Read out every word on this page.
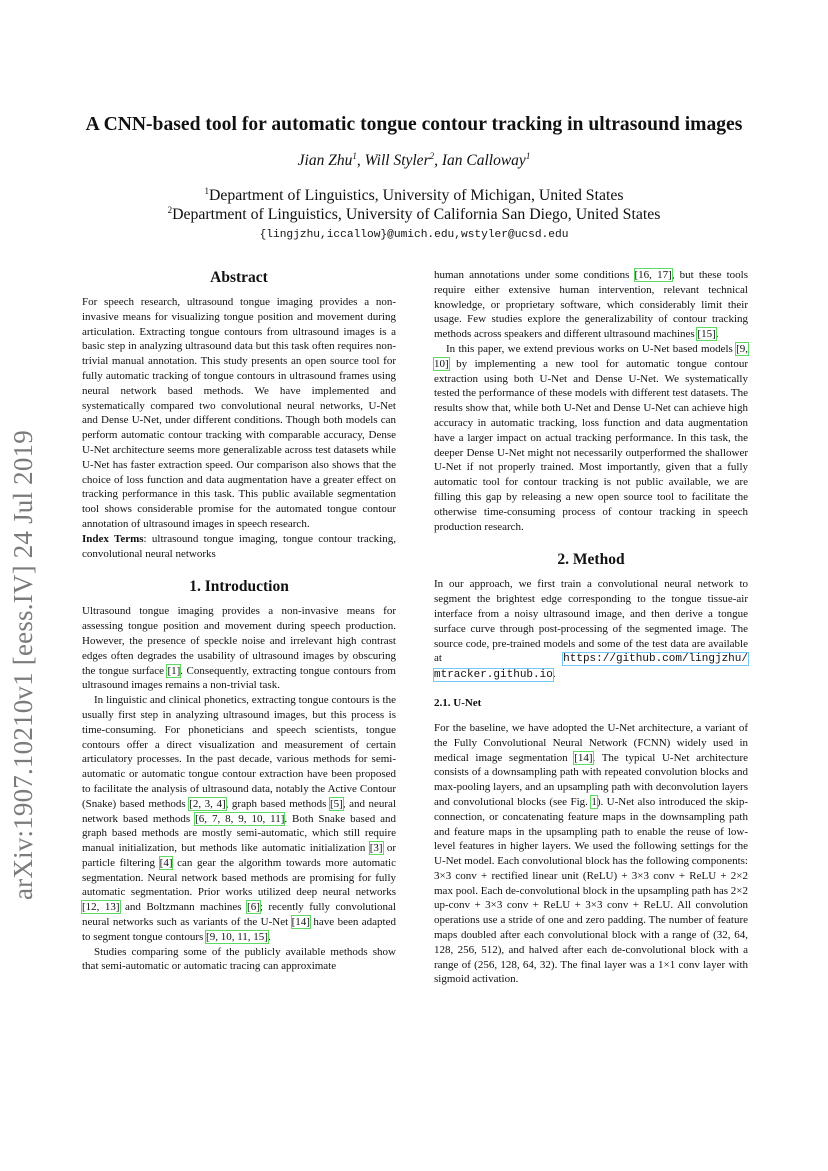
arXiv:1907.10210v1 [eess.IV] 24 Jul 2019
A CNN-based tool for automatic tongue contour tracking in ultrasound images
Jian Zhu$^1$, Will Styler$^2$, Ian Calloway$^1$
$^1$Department of Linguistics, University of Michigan, United States
$^2$Department of Linguistics, University of California San Diego, United States
{lingjzhu,iccallow}@umich.edu,wstyler@ucsd.edu
Abstract

For speech research, ultrasound tongue imaging provides a non-invasive means for visualizing tongue position and movement during articulation. Extracting tongue contours from ultrasound images is a basic step in analyzing ultrasound data but this task often requires non-trivial manual annotation. This study presents an open source tool for fully automatic tracking of tongue contours in ultrasound frames using neural network based methods. We have implemented and systematically compared two convolutional neural networks, U-Net and Dense U-Net, under different conditions. Though both models can perform automatic contour tracking with comparable accuracy, Dense U-Net architecture seems more generalizable across test datasets while U-Net has faster extraction speed. Our comparison also shows that the choice of loss function and data augmentation have a greater effect on tracking performance in this task. This public available segmentation tool shows considerable promise for the automated tongue contour annotation of ultrasound images in speech research.

Index Terms: ultrasound tongue imaging, tongue contour tracking, convolutional neural networks

1. Introduction

Ultrasound tongue imaging provides a non-invasive means for assessing tongue position and movement during speech production. However, the presence of speckle noise and irrelevant high contrast edges often degrades the usability of ultrasound images by obscuring the tongue surface [1]. Consequently, extracting tongue contours from ultrasound images remains a non-trivial task.

In linguistic and clinical phonetics, extracting tongue contours is the usually first step in analyzing ultrasound images, but this process is time-consuming. For phoneticians and speech scientists, tongue contours offer a direct visualization and measurement of certain articulatory processes. In the past decade, various methods for semi-automatic or automatic tongue contour extraction have been proposed to facilitate the analysis of ultrasound data, notably the Active Contour (Snake) based methods [2, 3, 4], graph based methods [5], and neural network based methods [6, 7, 8, 9, 10, 11]. Both Snake based and graph based methods are mostly semi-automatic, which still require manual initialization, but methods like automatic initialization [3] or particle filtering [4] can gear the algorithm towards more automatic segmentation. Neural network based methods are promising for fully automatic segmentation. Prior works utilized deep neural networks [12, 13] and Boltzmann machines [6]; recently fully convolutional neural networks such as variants of the U-Net [14] have been adapted to segment tongue contours [9, 10, 11, 15].

Studies comparing some of the publicly available methods show that semi-automatic or automatic tracing can approximate

human annotations under some conditions [16, 17], but these tools require either extensive human intervention, relevant technical knowledge, or proprietary software, which considerably limit their usage. Few studies explore the generalizability of contour tracking methods across speakers and different ultrasound machines [15].

In this paper, we extend previous works on U-Net based models [9, 10] by implementing a new tool for automatic tongue contour extraction using both U-Net and Dense U-Net. We systematically tested the performance of these models with different test datasets. The results show that, while both U-Net and Dense U-Net can achieve high accuracy in automatic tracking, loss function and data augmentation have a larger impact on actual tracking performance. In this task, the deeper Dense U-Net might not necessarily outperformed the shallower U-Net if not properly trained. Most importantly, given that a fully automatic tool for contour tracking is not public available, we are filling this gap by releasing a new open source tool to facilitate the otherwise time-consuming process of contour tracking in speech production research.

2. Method

In our approach, we first train a convolutional neural network to segment the brightest edge corresponding to the tongue tissue-air interface from a noisy ultrasound image, and then derive a tongue surface curve through post-processing of the segmented image. The source code, pre-trained models and some of the test data are available at https://github.com/lingjzhu/ mtracker.github.io.

2.1. U-Net

For the baseline, we have adopted the U-Net architecture, a variant of the Fully Convolutional Neural Network (FCNN) widely used in medical image segmentation [14]. The typical U-Net architecture consists of a downsampling path with repeated convolution blocks and max-pooling layers, and an upsampling path with deconvolution layers and convolutional blocks (see Fig. 1). U-Net also introduced the skip-connection, or concatenating feature maps in the downsampling path and feature maps in the upsampling path to enable the reuse of low-level features in higher layers. We used the following settings for the U-Net model. Each convolutional block has the following components: 3×3 conv + rectified linear unit (ReLU) + 3×3 conv + ReLU + 2×2 max pool. Each de-convolutional block in the upsampling path has 2×2 up-conv + 3×3 conv + ReLU + 3×3 conv + ReLU. All convolution operations use a stride of one and zero padding. The number of feature maps doubled after each convolutional block with a range of (32, 64, 128, 256, 512), and halved after each de-convolutional block with a range of (256, 128, 64, 32). The final layer was a 1×1 conv layer with sigmoid activation.
